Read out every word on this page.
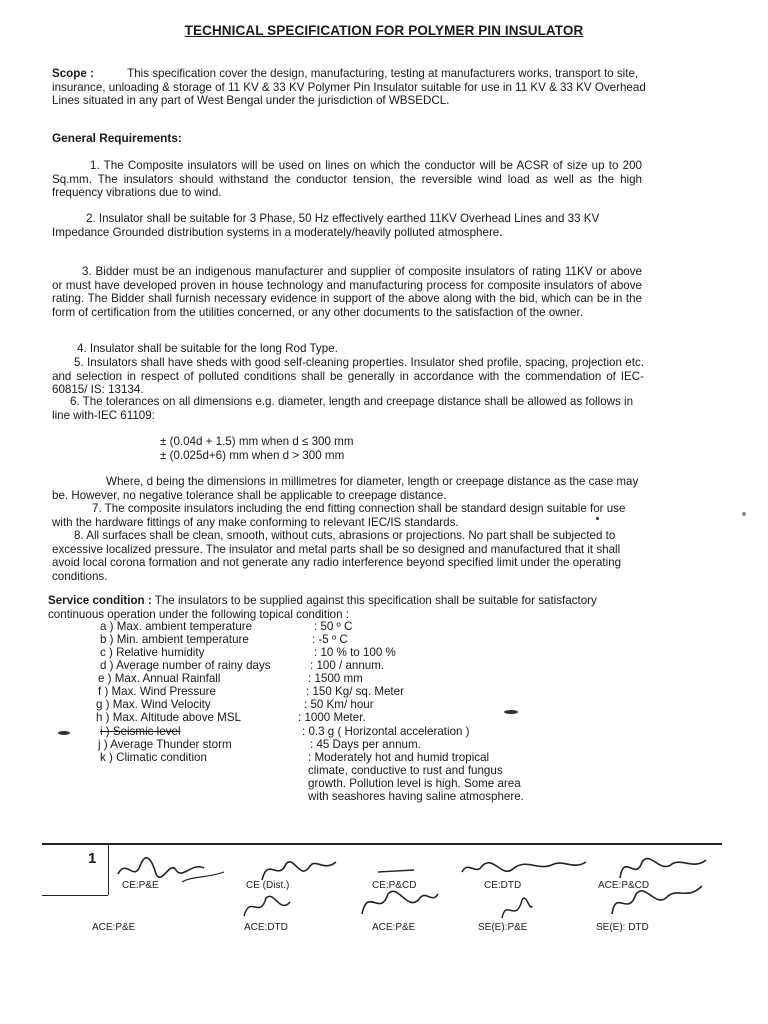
TECHNICAL SPECIFICATION FOR POLYMER PIN INSULATOR
Scope :	This specification cover the design, manufacturing, testing at manufacturers works, transport to site, insurance, unloading & storage of 11 KV & 33 KV Polymer Pin Insulator suitable for use in 11 KV & 33 KV Overhead Lines situated in any part of West Bengal under the jurisdiction of WBSEDCL.
General Requirements:

1. The Composite insulators will be used on lines on which the conductor will be ACSR of size up to 200 Sq.mm. The insulators should withstand the conductor tension, the reversible wind load as well as the high frequency vibrations due to wind.

2. Insulator shall be suitable for 3 Phase, 50 Hz effectively earthed 11KV Overhead Lines and 33 KV Impedance Grounded distribution systems in a moderately/heavily polluted atmosphere.

3. Bidder must be an indigenous manufacturer and supplier of composite insulators of rating 11KV or above or must have developed proven in house technology and manufacturing process for composite insulators of above rating. The Bidder shall furnish necessary evidence in support of the above along with the bid, which can be in the form of certification from the utilities concerned, or any other documents to the satisfaction of the owner.

4. Insulator shall be suitable for the long Rod Type.

5. Insulators shall have sheds with good self-cleaning properties. Insulator shed profile, spacing, projection etc. and selection in respect of polluted conditions shall be generally in accordance with the commendation of IEC- 60815/ IS: 13134.

6. The tolerances on all dimensions e.g. diameter, length and creepage distance shall be allowed as follows in line with-IEC 61109:

± (0.04d + 1.5) mm when d ≤ 300 mm

± (0.025d+6) mm when d > 300 mm

Where, d being the dimensions in millimetres for diameter, length or creepage distance as the case may be. However, no negative tolerance shall be applicable to creepage distance.

7. The composite insulators including the end fitting connection shall be standard design suitable for use with the hardware fittings of any make conforming to relevant IEC/IS standards.

8. All surfaces shall be clean, smooth, without cuts, abrasions or projections. No part shall be subjected to excessive localized pressure. The insulator and metal parts shall be so designed and manufactured that it shall avoid local corona formation and not generate any radio interference beyond specified limit under the operating conditions.

Service condition : The insulators to be supplied against this specification shall be suitable for satisfactory continuous operation under the following topical condition :
a ) Max. ambient temperature	: 50 º C
b ) Min. ambient temperature	: -5 º C
c ) Relative humidity	: 10 % to 100 %
d ) Average number of rainy days	: 100 / annum.
e ) Max. Annual Rainfall	: 1500 mm
f ) Max. Wind Pressure	: 150 Kg/ sq. Meter
g ) Max. Wind Velocity	: 50 Km/ hour
h ) Max. Altitude above MSL	: 1000 Meter.
i ) Seismic level	: 0.3 g ( Horizontal acceleration )
j ) Average Thunder storm	: 45 Days per annum.
k ) Climatic condition	: Moderately hot and humid tropical climate, conductive to rust and fungus growth. Pollution level is high. Some area with seashores having saline atmosphere.
1
CE:P&E	CE (Dist.)	CE:P&CD	CE:DTD	ACE:P&CD
ACE:P&E	ACE:DTD	ACE:P&E	SE(E):P&E	SE(E): DTD
